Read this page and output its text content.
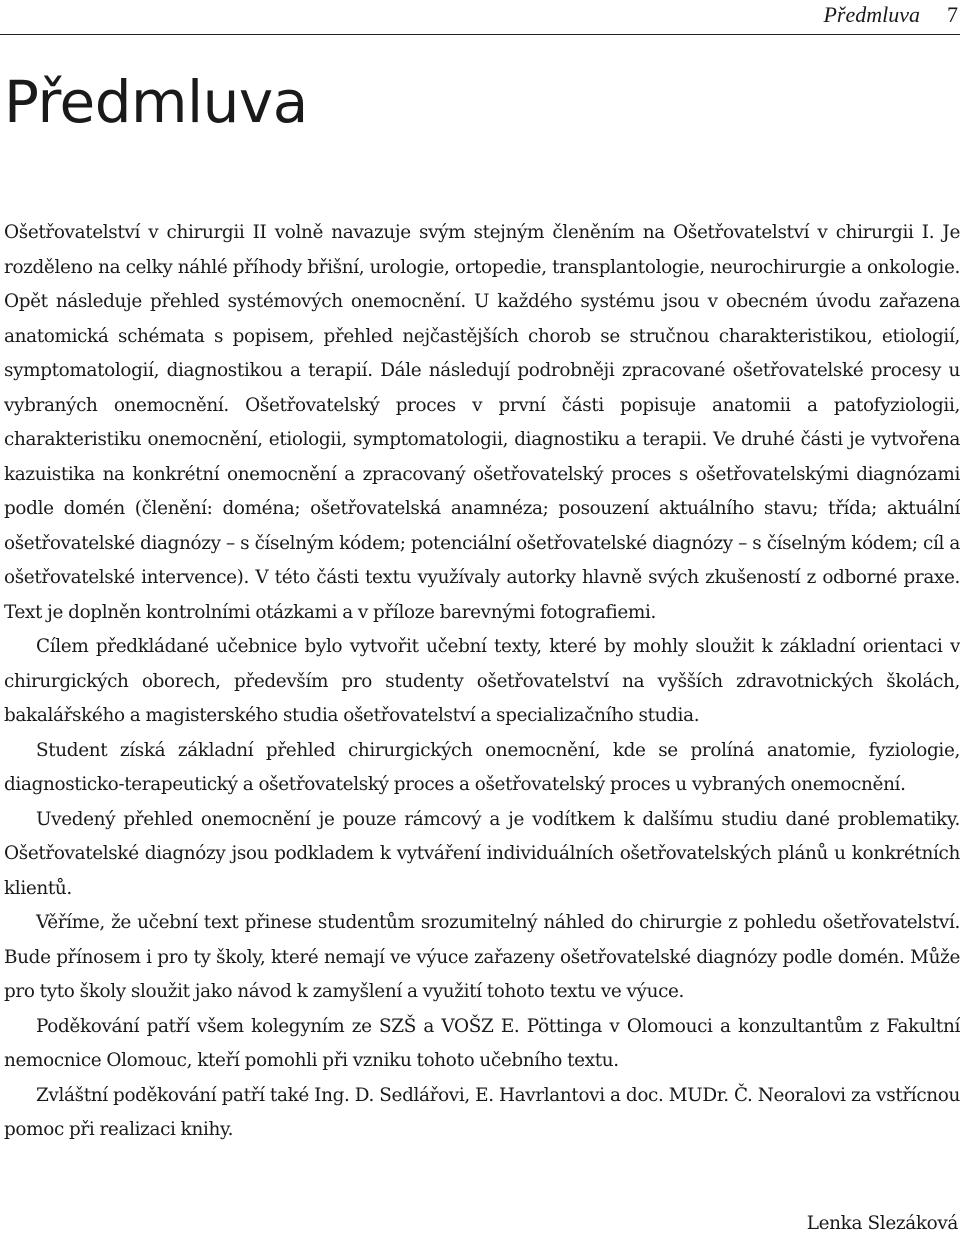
Předmluva 7
Předmluva

Ošetřovatelství v chirurgii II volně navazuje svým stejným členěním na Ošetřovatelství v chirurgii I. Je rozděleno na celky náhlé příhody břišní, urologie, ortopedie, transplantologie, neurochirurgie a onkologie. Opět následuje přehled systémových onemocnění. U každého systému jsou v obecném úvodu zařazena anatomická schémata s popisem, přehled nejčastějších chorob se stručnou charakteristikou, etiologií, symptomatologií, diagnostikou a terapií. Dále následují podrobněji zpracované ošetřovatelské procesy u vybraných onemocnění. Ošetřovatelský proces v první části popisuje anatomii a patofyziologii, charakteristiku onemocnění, etiologii, symptomatologii, diagnostiku a terapii. Ve druhé části je vytvořena kazuistika na konkrétní onemocnění a zpracovaný ošetřovatelský proces s ošetřovatelskými diagnózami podle domén (členění: doména; ošetřovatelská anamnéza; posouzení aktuálního stavu; třída; aktuální ošetřovatelské diagnózy – s číselným kódem; potenciální ošetřovatelské diagnózy – s číselným kódem; cíl a ošetřovatelské intervence). V této části textu využívaly autorky hlavně svých zkušeností z odborné praxe. Text je doplněn kontrolními otázkami a v příloze barevnými fotografiemi.

Cílem předkládané učebnice bylo vytvořit učební texty, které by mohly sloužit k základní orientaci v chirurgických oborech, především pro studenty ošetřovatelství na vyšších zdravotnických školách, bakalářského a magisterského studia ošetřovatelství a specializačního studia.

Student získá základní přehled chirurgických onemocnění, kde se prolíná anatomie, fyziologie, diagnosticko-terapeutický a ošetřovatelský proces a ošetřovatelský proces u vybraných onemocnění.

Uvedený přehled onemocnění je pouze rámcový a je vodítkem k dalšímu studiu dané problematiky. Ošetřovatelské diagnózy jsou podkladem k vytváření individuálních ošetřovatelských plánů u konkrétních klientů.

Věříme, že učební text přinese studentům srozumitelný náhled do chirurgie z pohledu ošetřovatelství. Bude přínosem i pro ty školy, které nemají ve výuce zařazeny ošetřovatelské diagnózy podle domén. Může pro tyto školy sloužit jako návod k zamyšlení a využití tohoto textu ve výuce.

Poděkování patří všem kolegyním ze SZŠ a VOŠZ E. Pöttinga v Olomouci a konzultantům z Fakultní nemocnice Olomouc, kteří pomohli při vzniku tohoto učebního textu.

Zvláštní poděkování patří také Ing. D. Sedlářovi, E. Havrlantovi a doc. MUDr. Č. Neoralovi za vstřícnou pomoc při realizaci knihy.

Lenka Slezáková
